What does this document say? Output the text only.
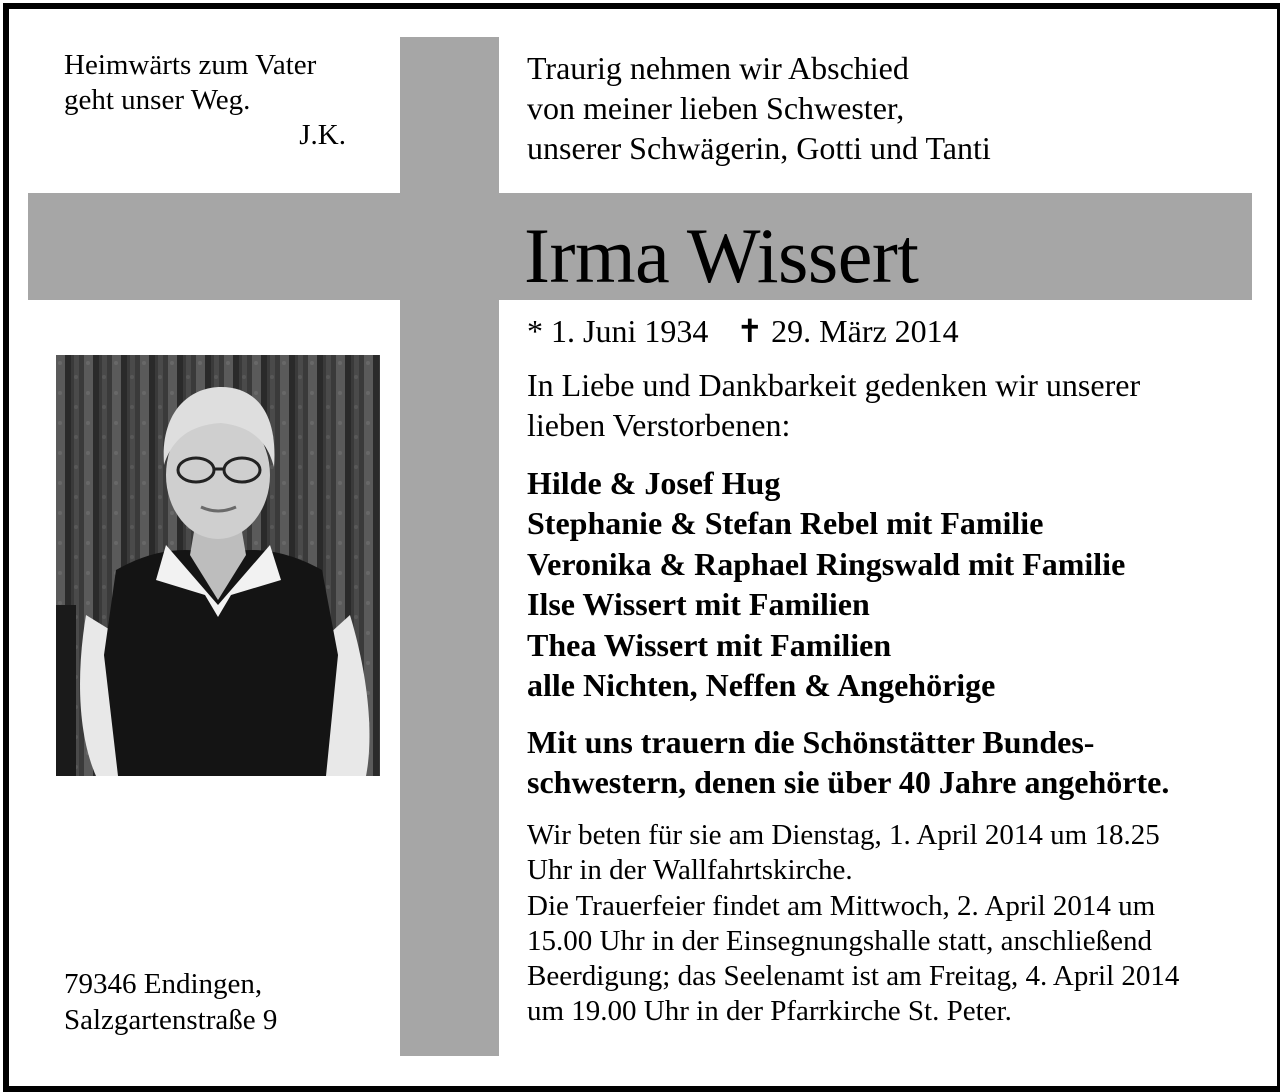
Heimwärts zum Vater
geht unser Weg.
J.K.
Traurig nehmen wir Abschied
von meiner lieben Schwester,
unserer Schwägerin, Gotti und Tanti
Irma Wissert
* 1. Juni 1934 ✝ 29. März 2014
In Liebe und Dankbarkeit gedenken wir unserer
lieben Verstorbenen:
Hilde & Josef Hug
Stephanie & Stefan Rebel mit Familie
Veronika & Raphael Ringswald mit Familie
Ilse Wissert mit Familien
Thea Wissert mit Familien
alle Nichten, Neffen & Angehörige
Mit uns trauern die Schönstätter Bundes-
schwestern, denen sie über 40 Jahre angehörte.
Wir beten für sie am Dienstag, 1. April 2014 um 18.25
Uhr in der Wallfahrtskirche.
Die Trauerfeier findet am Mittwoch, 2. April 2014 um
15.00 Uhr in der Einsegnungshalle statt, anschließend
Beerdigung; das Seelenamt ist am Freitag, 4. April 2014
um 19.00 Uhr in der Pfarrkirche St. Peter.
79346 Endingen,
Salzgartenstraße 9
